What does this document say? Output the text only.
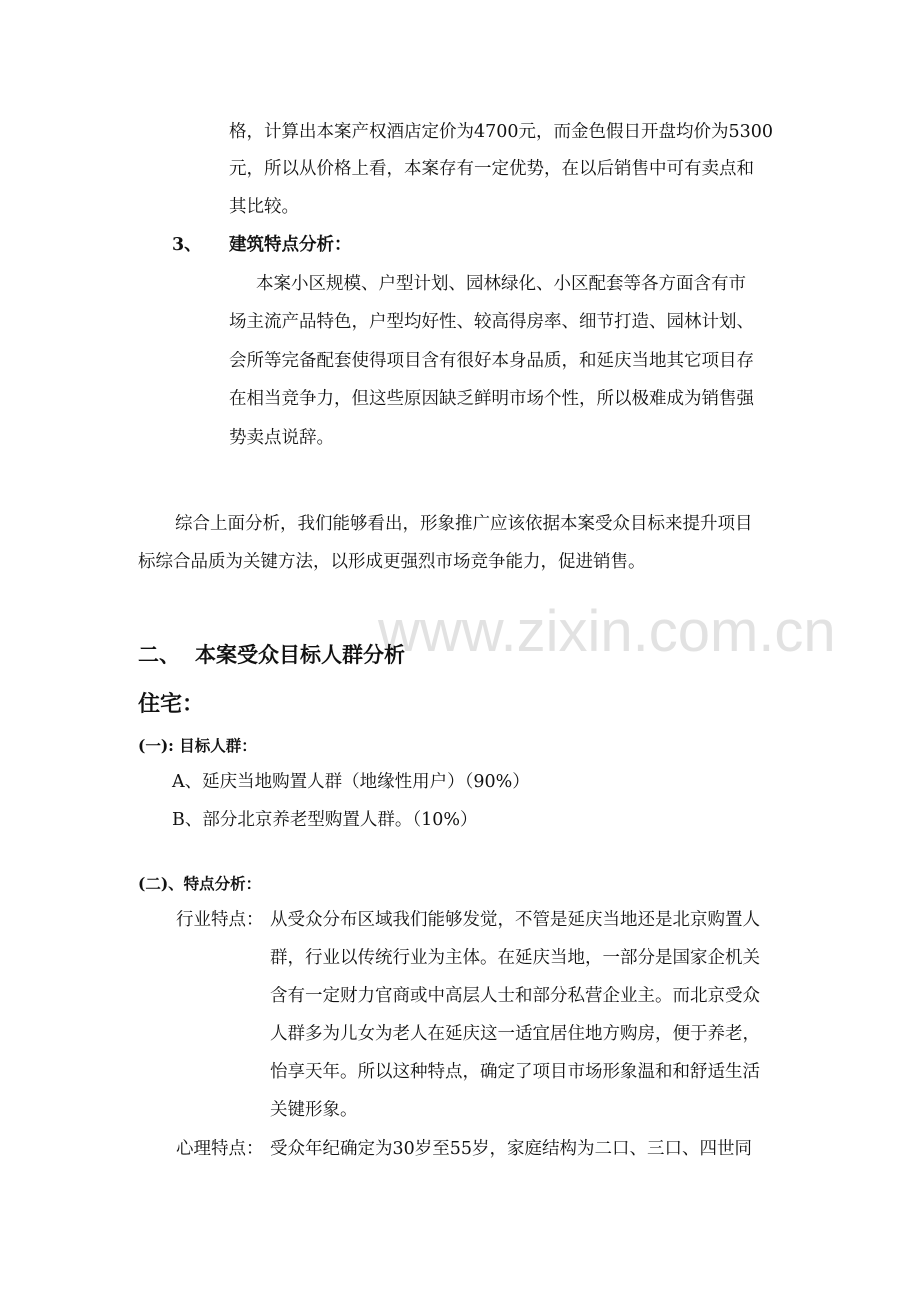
www.zixin.com.cn
格，计算出本案产权酒店定价为4700元，而金色假日开盘均价为5300
元，所以从价格上看，本案存有一定优势，在以后销售中可有卖点和
其比较。
3、 建筑特点分析：
本案小区规模、户型计划、园林绿化、小区配套等各方面含有市
场主流产品特色，户型均好性、较高得房率、细节打造、园林计划、
会所等完备配套使得项目含有很好本身品质，和延庆当地其它项目存
在相当竞争力，但这些原因缺乏鲜明市场个性，所以极难成为销售强
势卖点说辞。
综合上面分析，我们能够看出，形象推广应该依据本案受众目标来提升项目
标综合品质为关键方法，以形成更强烈市场竞争能力，促进销售。
二、 本案受众目标人群分析
住宅：
(一): 目标人群：
A、延庆当地购置人群（地缘性用户）（90%）
B、部分北京养老型购置人群。（10%）
(二)、特点分析：
行业特点： 从受众分布区域我们能够发觉，不管是延庆当地还是北京购置人
群，行业以传统行业为主体。在延庆当地，一部分是国家企机关
含有一定财力官商或中高层人士和部分私营企业主。而北京受众
人群多为儿女为老人在延庆这一适宜居住地方购房，便于养老，
怡享天年。所以这种特点，确定了项目市场形象温和和舒适生活
关键形象。
心理特点： 受众年纪确定为30岁至55岁，家庭结构为二口、三口、四世同
